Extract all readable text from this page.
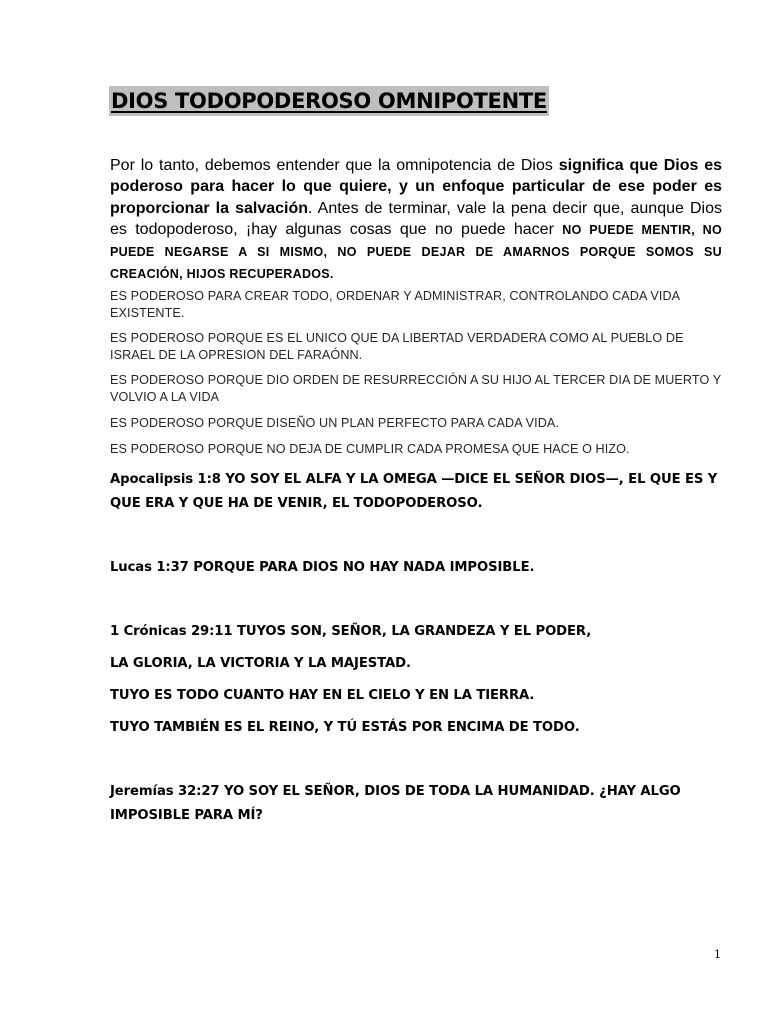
DIOS TODOPODEROSO OMNIPOTENTE
Por lo tanto, debemos entender que la omnipotencia de Dios significa que Dios es poderoso para hacer lo que quiere, y un enfoque particular de ese poder es proporcionar la salvación. Antes de terminar, vale la pena decir que, aunque Dios es todopoderoso, ¡hay algunas cosas que no puede hacer NO PUEDE MENTIR, NO PUEDE NEGARSE A SI MISMO, NO PUEDE DEJAR DE AMARNOS PORQUE SOMOS SU CREACIÓN, HIJOS RECUPERADOS.
ES PODEROSO PARA CREAR TODO, ORDENAR Y ADMINISTRAR, CONTROLANDO CADA VIDA EXISTENTE.
ES PODEROSO PORQUE ES EL UNICO QUE DA LIBERTAD VERDADERA COMO AL PUEBLO DE ISRAEL DE LA OPRESION DEL FARAÓNN.
ES PODEROSO PORQUE DIO ORDEN DE RESURRECCIÓN A SU HIJO AL TERCER DIA DE MUERTO Y VOLVIO A LA VIDA
ES PODEROSO PORQUE DISEÑO UN PLAN PERFECTO PARA CADA VIDA.
ES PODEROSO PORQUE NO DEJA DE CUMPLIR CADA PROMESA QUE HACE O HIZO.
Apocalipsis 1:8 YO SOY EL ALFA Y LA OMEGA —DICE EL SEÑOR DIOS—, EL QUE ES Y QUE ERA Y QUE HA DE VENIR, EL TODOPODEROSO.
Lucas 1:37 PORQUE PARA DIOS NO HAY NADA IMPOSIBLE.
1 Crónicas 29:11 TUYOS SON, SEÑOR, LA GRANDEZA Y EL PODER,
LA GLORIA, LA VICTORIA Y LA MAJESTAD.
TUYO ES TODO CUANTO HAY EN EL CIELO Y EN LA TIERRA.
TUYO TAMBIÉN ES EL REINO, Y TÚ ESTÁS POR ENCIMA DE TODO.
Jeremías 32:27 YO SOY EL SEÑOR, DIOS DE TODA LA HUMANIDAD. ¿HAY ALGO IMPOSIBLE PARA MÍ?
1
